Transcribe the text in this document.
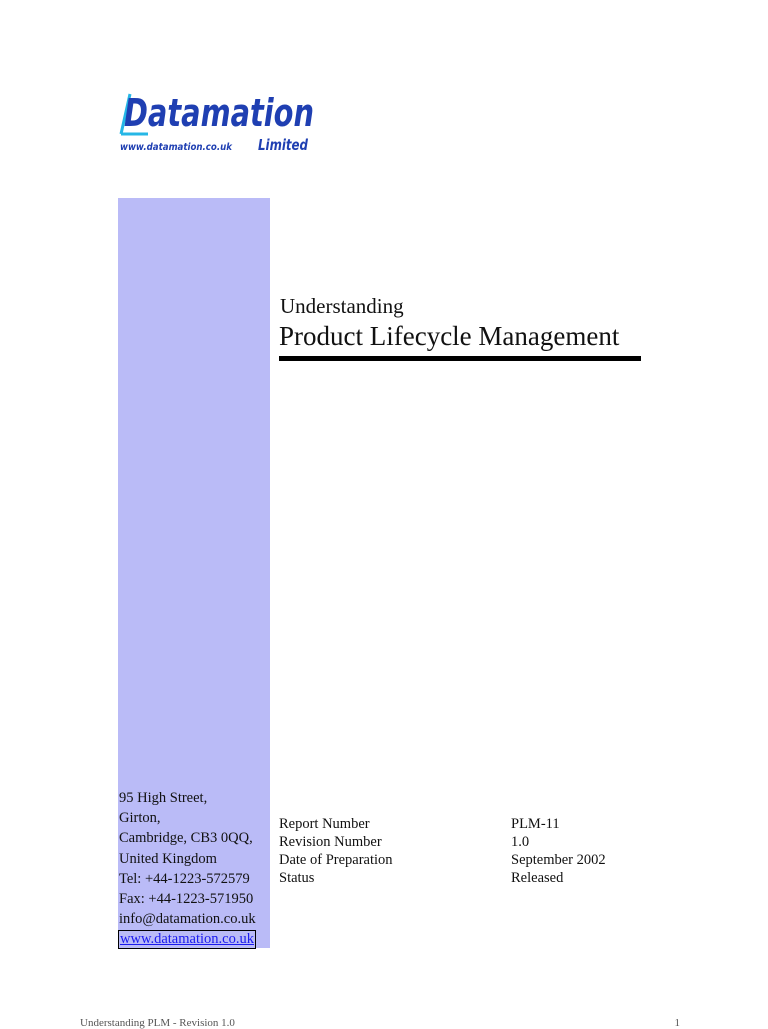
Datamation
www.datamation.co.uk Limited
Understanding
Product Lifecycle Management
95 High Street,
Girton,
Cambridge, CB3 0QQ,
United Kingdom
Tel: +44-1223-572579
Fax: +44-1223-571950
info@datamation.co.uk
www.datamation.co.uk
Report Number	PLM-11
Revision Number	1.0
Date of Preparation	September 2002
Status	Released
Understanding PLM - Revision 1.0	1
